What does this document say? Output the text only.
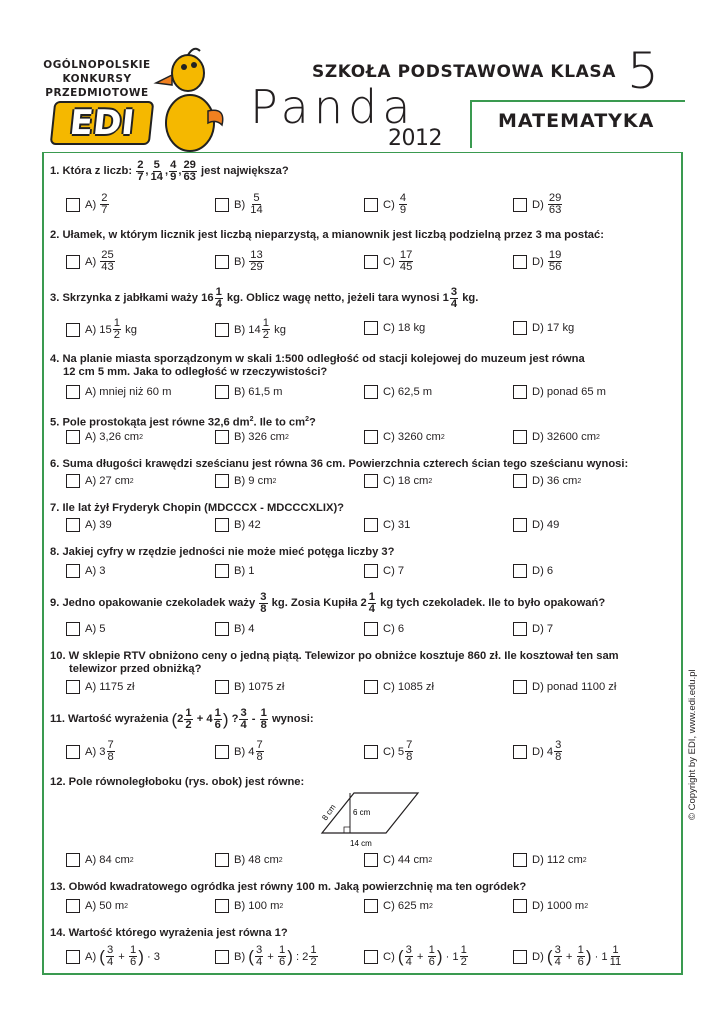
OGÓLNOPOLSKIE
KONKURSY
PRZEDMIOTOWE
EDI
SZKOŁA PODSTAWOWA KLASA 5
Panda
2012
MATEMATYKA
© Copyright by EDI, www.edi.edu.pl
1.
Która z liczb:
$\frac{2}{7}$ , $\frac{5}{14}$ , $\frac{4}{9}$ , $\frac{29}{63}$
jest największa?
A)
$\frac{2}{7}$	B)
$\frac{5}{14}$	C)
$\frac{4}{9}$	D)
$\frac{29}{63}$
2. Ułamek, w którym licznik jest liczbą nieparzystą, a mianownik jest liczbą podzielną przez 3 ma postać:
A)
$\frac{25}{43}$	B)
$\frac{13}{29}$	C)
$\frac{17}{45}$	D)
$\frac{19}{56}$
3. Skrzynka z jabłkami waży $16 \frac{1}{4}$
kg. Oblicz wagę netto, jeżeli tara wynosi $1 \frac{3}{4}$
kg.
A) $15 \frac{1}{2}$
kg	B) $14 \frac{1}{2}$
kg	C) 18 kg	D) 17 kg
4. Na planie miasta sporządzonym w skali 1:500 odległość od stacji kolejowej do muzeum jest równa
12 cm 5 mm. Jaka to odległość w rzeczywistości?
A) mniej niż 60 m	B) 61,5 m	C) 62,5 m	D) ponad 65 m
5. Pole prostokąta jest równe 32,6 $dm^2$. Ile to $cm^2$?
A) 3,26 cm 2	B) 326 cm 2	C) 3260 cm 2	D) 32600 cm 2
6. Suma długości krawędzi sześcianu jest równa 36 cm. Powierzchnia czterech ścian tego sześcianu wynosi:
A) 27 cm 2	B) 9 cm 2	C) 18 cm 2	D) 36 cm 2
7. Ile lat żył Fryderyk Chopin (MDCCCX - MDCCCXLIX)?
A) 39	B) 42	C) 31	D) 49
8. Jakiej cyfry w rzędzie jedności nie może mieć potęga liczby 3?
A) 3	B) 1	C) 7	D) 6
9. Jedno opakowanie czekoladek waży
$\frac{3}{8}$
kg. Zosia Kupiła $2 \frac{1}{4}$
kg tych czekoladek. Ile to było opakowań?
A) 5	B) 4	C) 6	D) 7
10. W sklepie RTV obniżono ceny o jedną piątą. Telewizor po obniżce kosztuje 860 zł. Ile kosztował ten sam
telewizor przed obniżką?
A) 1175 zł	B) 1075 zł	C) 1085 zł	D) ponad 1100 zł
11. Wartość wyrażenia
( $2 \frac{1}{2} + 4 \frac{1}{6}$ ) ? $\frac{3}{4} - \frac{1}{8}$
wynosi:
A) $3 \frac{7}{8}$	B) $4 \frac{7}{8}$	C) $5 \frac{7}{8}$	D) $4 \frac{3}{8}$
12. Pole równoległoboku (rys. obok) jest równe:
8 cm 6 cm
14 cm
A) 84 cm 2	B) 48 cm 2	C) 44 cm 2	D) 112 cm 2
13. Obwód kwadratowego ogródka jest równy 100 m. Jaką powierzchnię ma ten ogródek?
A) 50 m 2	B) 100 m 2	C) 625 m 2	D) 1000 m 2
14. Wartość którego wyrażenia jest równa 1?
A)
( $\frac{3}{4} + \frac{1}{6}$ )
· 3	B)
( $\frac{3}{4} + \frac{1}{6}$ )
: $2 \frac{1}{2}$	C)
( $\frac{3}{4} + \frac{1}{6}$ )
· $1 \frac{1}{2}$	D)
( $\frac{3}{4} + \frac{1}{6}$ )
· $1 \frac{1}{11}$
